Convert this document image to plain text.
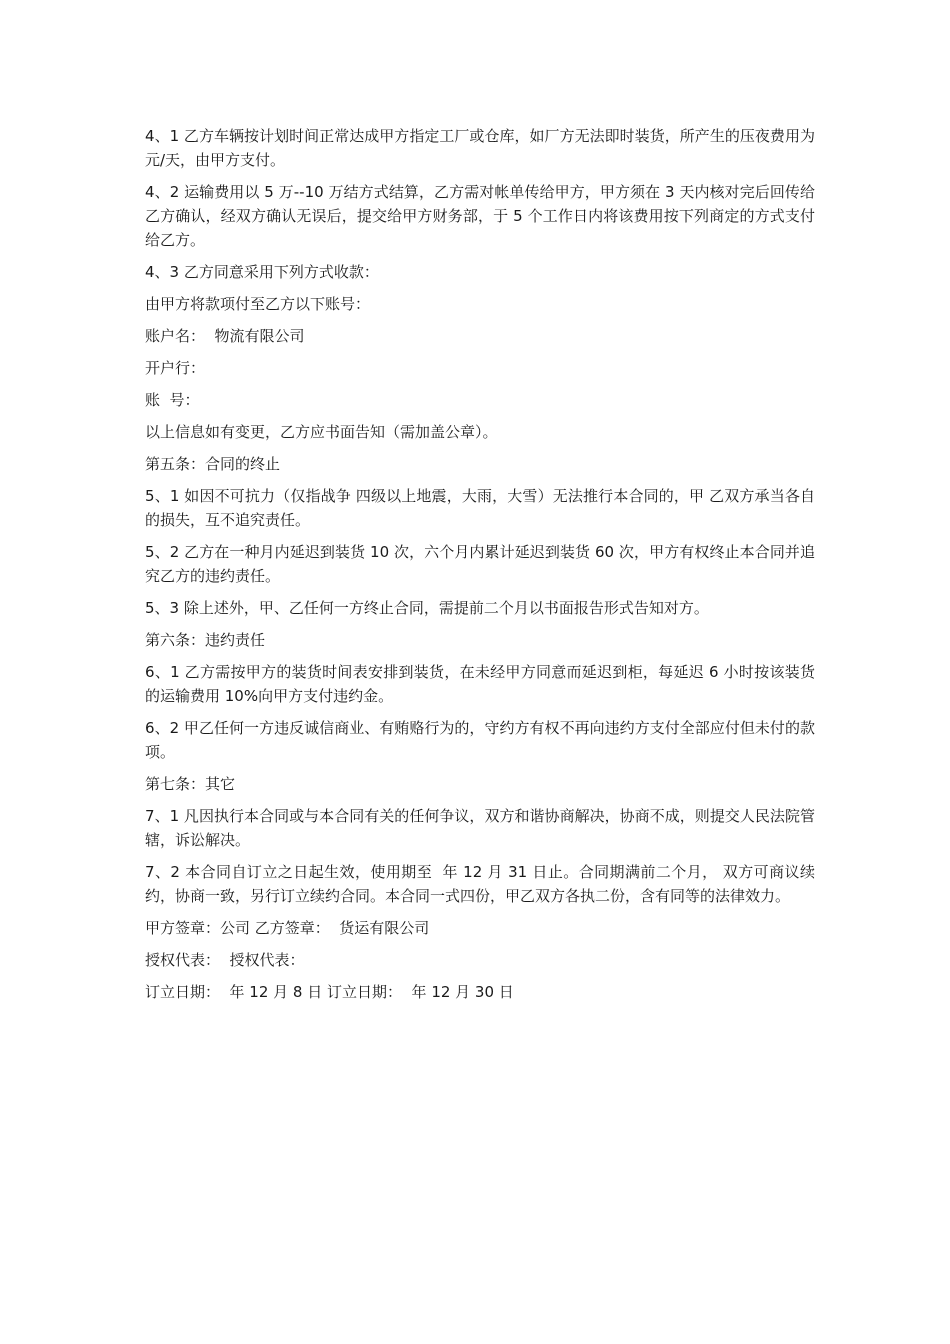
4、1 乙方车辆按计划时间正常达成甲方指定工厂或仓库，如厂方无法即时装货，所产生的压夜费用为  元/天，由甲方支付。

4、2 运输费用以 5 万--10 万结方式结算，乙方需对帐单传给甲方，甲方须在 3 天内核对完后回传给乙方确认，经双方确认无误后，提交给甲方财务部，于 5 个工作日内将该费用按下列商定的方式支付给乙方。

4、3 乙方同意采用下列方式收款：

由甲方将款项付至乙方以下账号：

账户名：  物流有限公司

开户行：

账  号：

以上信息如有变更，乙方应书面告知（需加盖公章）。

第五条：合同的终止

5、1 如因不可抗力（仅指战争 四级以上地震，大雨，大雪）无法推行本合同的，甲 乙双方承当各自的损失，互不追究责任。

5、2 乙方在一种月内延迟到装货 10 次，六个月内累计延迟到装货 60 次，甲方有权终止本合同并追究乙方的违约责任。

5、3 除上述外，甲、乙任何一方终止合同，需提前二个月以书面报告形式告知对方。

第六条：违约责任

6、1 乙方需按甲方的装货时间表安排到装货，在未经甲方同意而延迟到柜，每延迟 6 小时按该装货的运输费用 10%向甲方支付违约金。

6、2 甲乙任何一方违反诚信商业、有贿赂行为的，守约方有权不再向违约方支付全部应付但未付的款项。

第七条：其它

7、1 凡因执行本合同或与本合同有关的任何争议，双方和谐协商解决，协商不成，则提交人民法院管辖，诉讼解决。

7、2 本合同自订立之日起生效，使用期至  年 12 月 31 日止。合同期满前二个月， 双方可商议续约，协商一致，另行订立续约合同。本合同一式四份，甲乙双方各执二份，含有同等的法律效力。

甲方签章：公司 乙方签章：  货运有限公司

授权代表：  授权代表：

订立日期：  年 12 月 8 日 订立日期：  年 12 月 30 日
